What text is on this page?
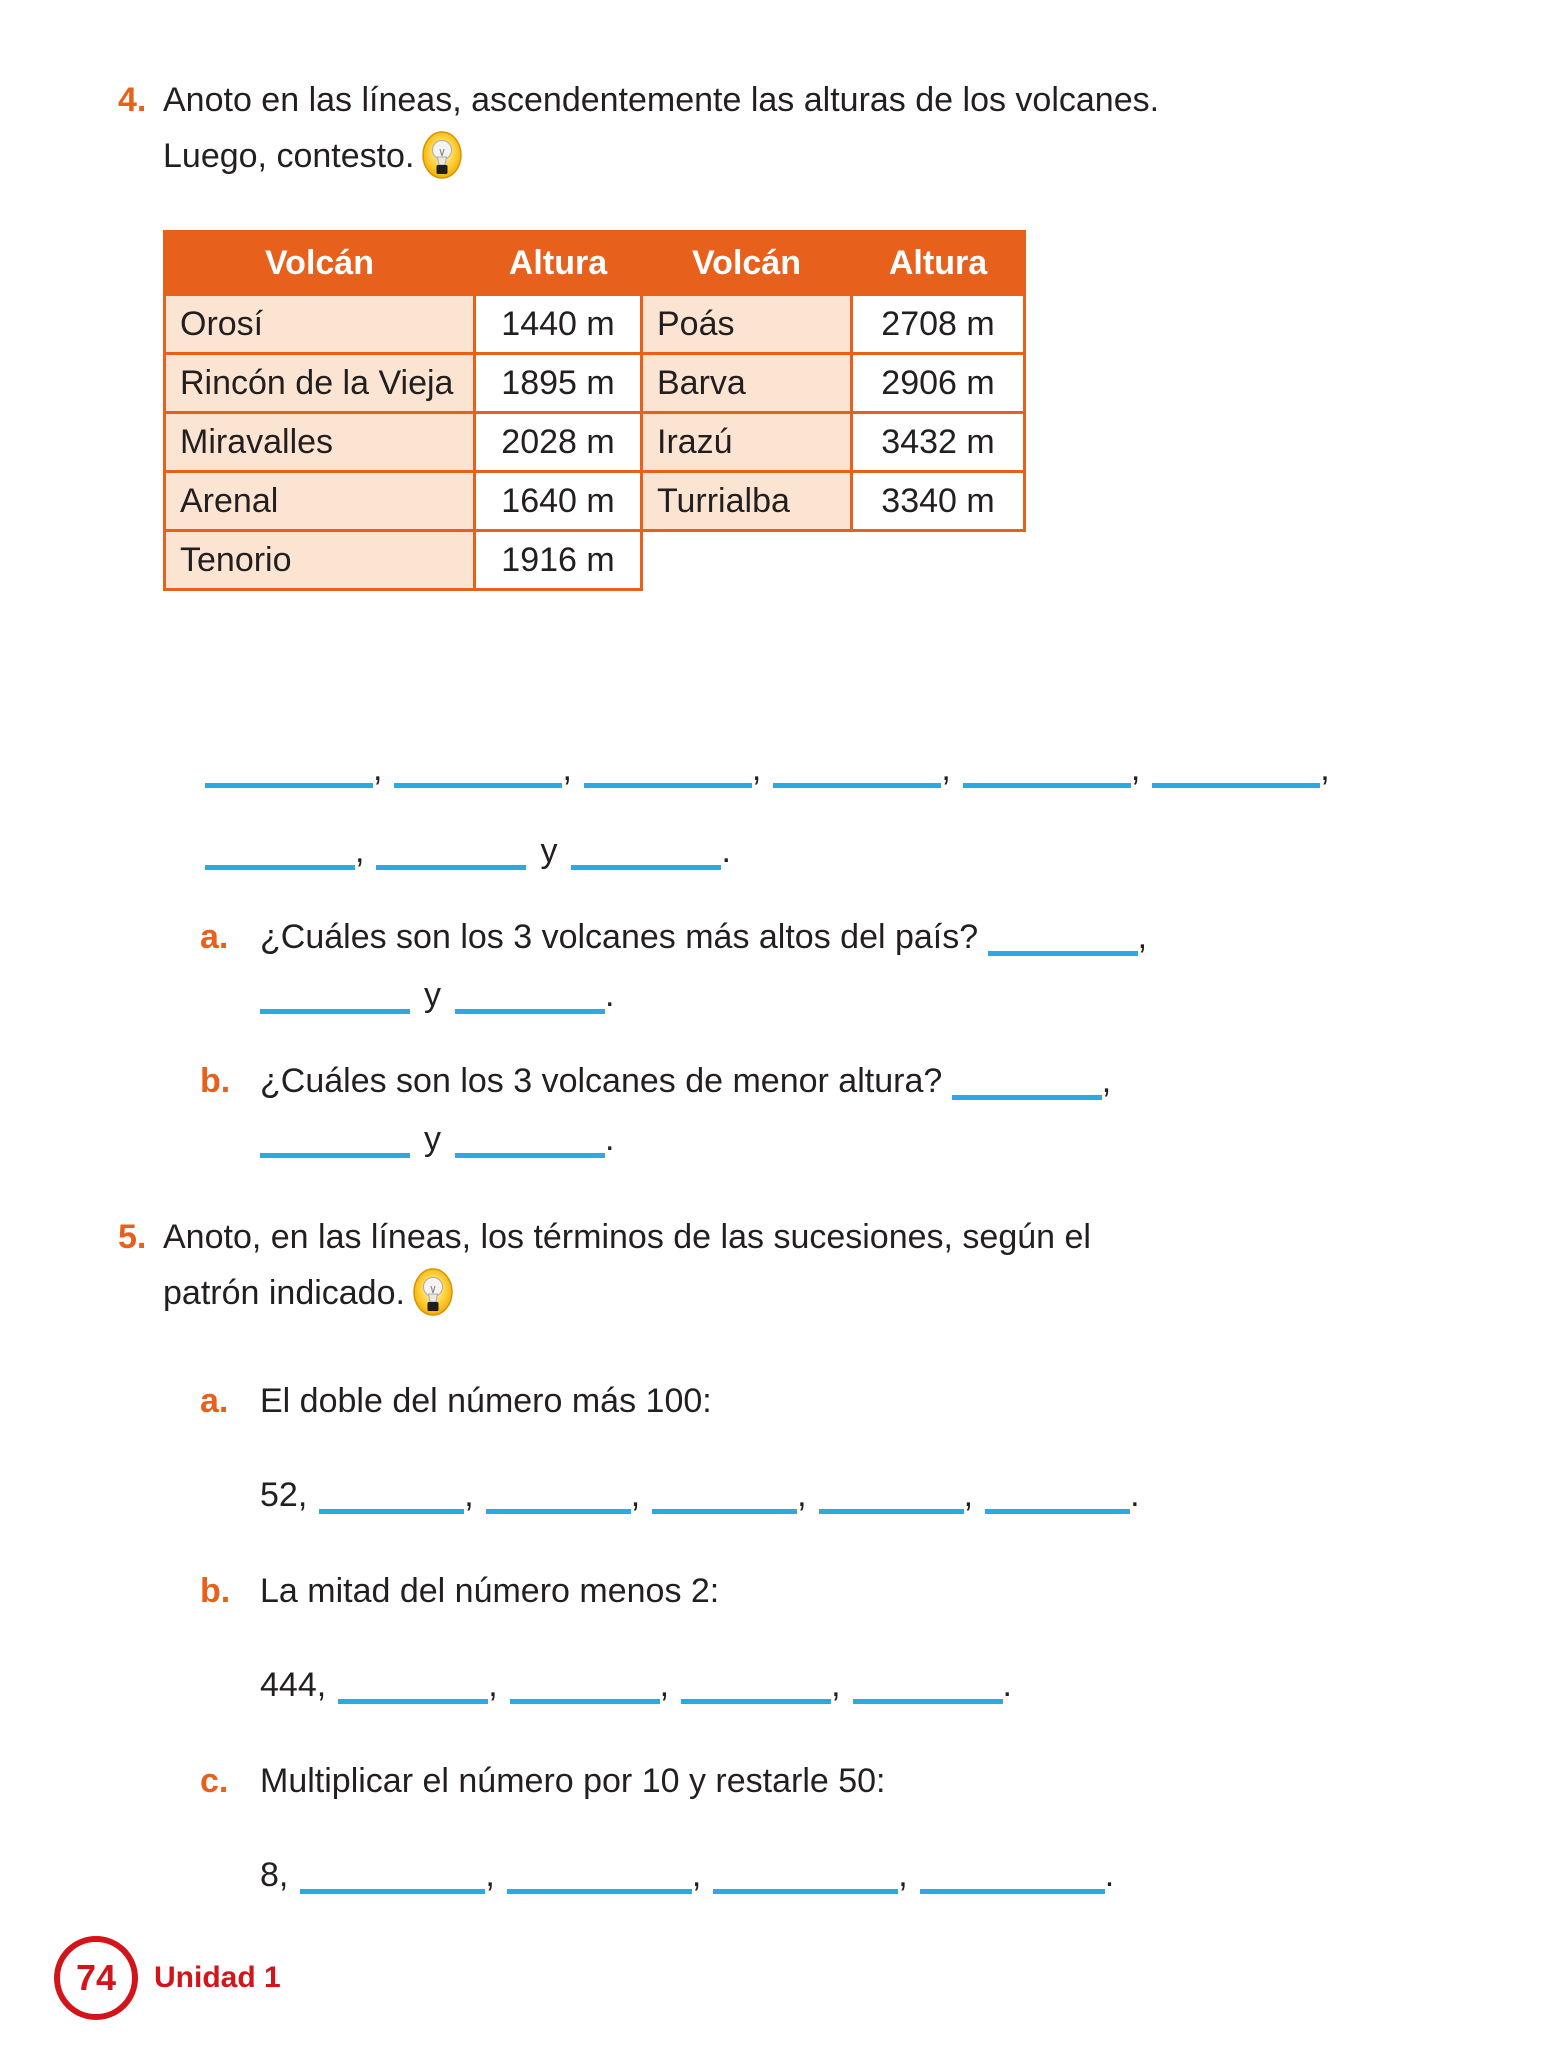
4. Anoto en las líneas, ascendentemente las alturas de los volcanes.
Luego, contesto.
Volcán	Altura	Volcán	Altura
Orosí	1440 m	Poás	2708 m
Rincón de la Vieja	1895 m	Barva	2906 m
Miravalles	2028 m	Irazú	3432 m
Arenal	1640 m	Turrialba	3340 m
Tenorio	1916 m		
,	,	,	,	,	,
,	y	.
a. ¿Cuáles son los 3 volcanes más altos del país?	,
y	.
b. ¿Cuáles son los 3 volcanes de menor altura?	,
y	.
5. Anoto, en las líneas, los términos de las sucesiones, según el
patrón indicado.
a. El doble del número más 100:
52,	,	,	,	,	.
b. La mitad del número menos 2:
444,	,	,	,	.
c. Multiplicar el número por 10 y restarle 50:
8,	,	,	,	.
74 Unidad 1
